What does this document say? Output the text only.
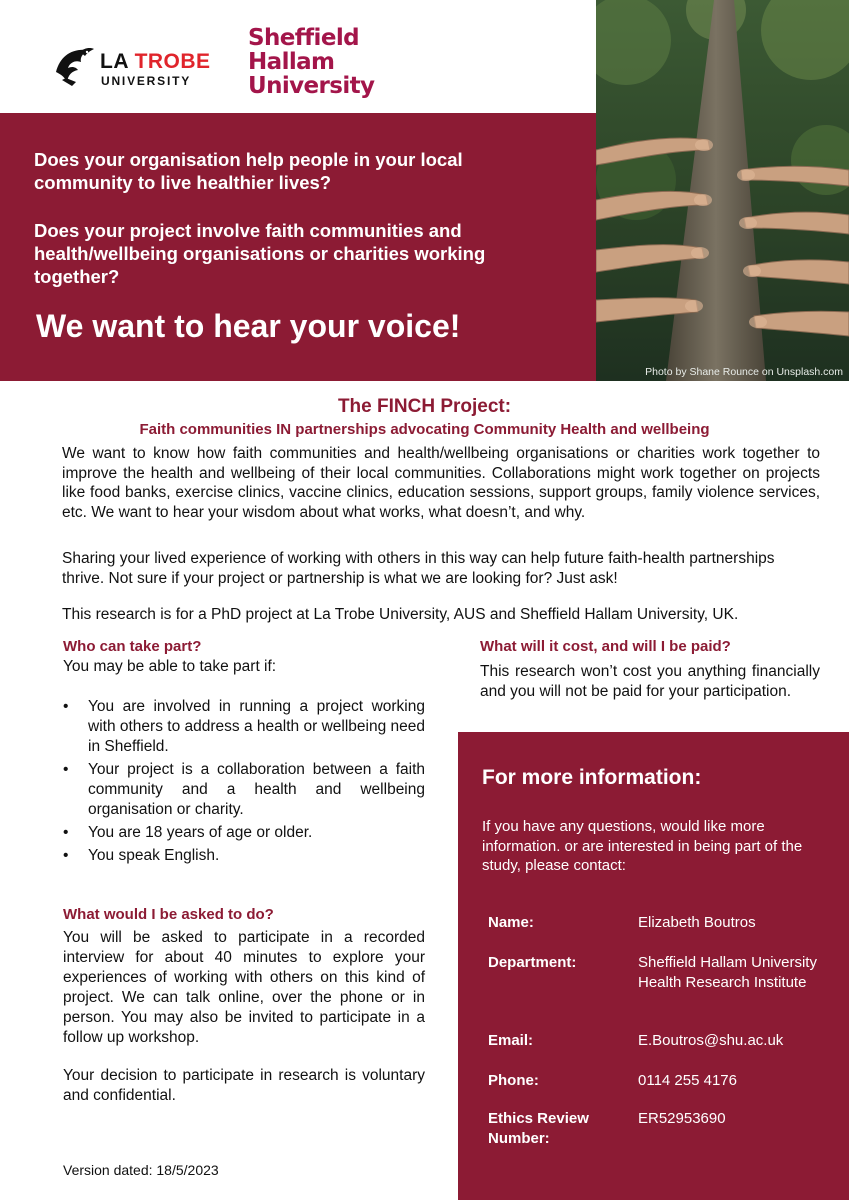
LA TROBE
UNIVERSITY
Sheffield
Hallam
University
Does your organisation help people in your local community to live healthier lives?
Does your project involve faith communities and health/wellbeing organisations or charities working together?
We want to hear your voice!
Photo by Shane Rounce on Unsplash.com
The FINCH Project:
Faith communities IN partnerships advocating Community Health and wellbeing
We want to know how faith communities and health/wellbeing organisations or charities work together to improve the health and wellbeing of their local communities. Collaborations might work together on projects like food banks, exercise clinics, vaccine clinics, education sessions, support groups, family violence services, etc. We want to hear your wisdom about what works, what doesn’t, and why.
Sharing your lived experience of working with others in this way can help future faith-health partnerships thrive. Not sure if your project or partnership is what we are looking for? Just ask!
This research is for a PhD project at La Trobe University, AUS and Sheffield Hallam University, UK.
Who can take part?
You may be able to take part if:
• You are involved in running a project working with others to address a health or wellbeing need in Sheffield.
• Your project is a collaboration between a faith community and a health and wellbeing organisation or charity.
• You are 18 years of age or older.
• You speak English.
What would I be asked to do?
You will be asked to participate in a recorded interview for about 40 minutes to explore your experiences of working with others on this kind of project. We can talk online, over the phone or in person. You may also be invited to participate in a follow up workshop.
Your decision to participate in research is voluntary and confidential.
What will it cost, and will I be paid?
This research won’t cost you anything financially and you will not be paid for your participation.
For more information:
If you have any questions, would like more information. or are interested in being part of the study, please contact:
Name:	Elizabeth Boutros
Department:	Sheffield Hallam University Health Research Institute
Email:	E.Boutros@shu.ac.uk
Phone:	0114 255 4176
Ethics Review Number:
ER52953690
Version dated: 18/5/2023
